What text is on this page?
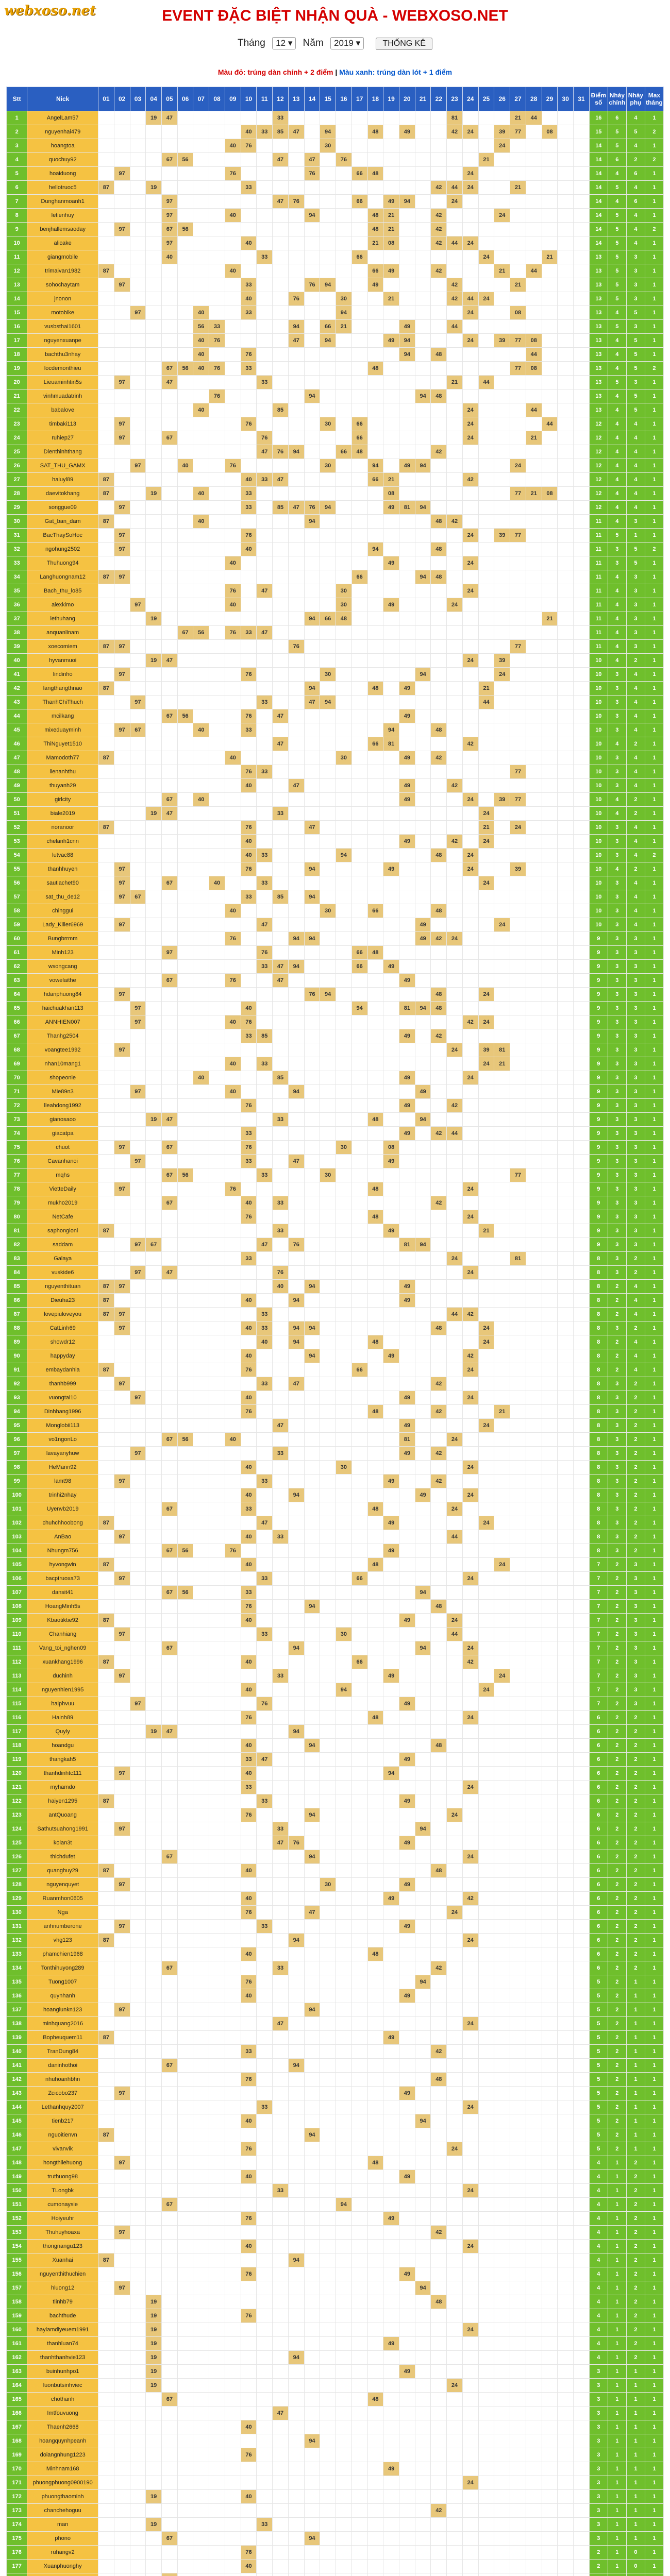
webxoso.net	EVENT ĐẶC BIỆT NHẬN QUÀ - WEBXOSO.NET
Tháng 12 ▾ Năm 2019 ▾	THỐNG KÊ
Màu đỏ: trúng dàn chính + 2 điểm | Màu xanh: trúng dàn lót + 1 điểm
Stt	Nick	01	02	03	04	05	06	07	08	09	10	11	12	13	14	15	16	17	18	19	20	21	22	23	24	25	26	27	28	29	30	31	Điểm số	Nháy chính	Nháy phụ	Max tháng
1	AngelLam57				19	47							33											81				21	44				16	6	4	1
2	nguyenhai479										40	33	85	47		94			48		49			42	24		39	77		08			15	5	5	2
3	hoangtoa									40	76					30											24						14	5	4	1
4	quochuy92					67	56						47		47		76									21							14	6	2	2
5	hoaiduong		97							76					76			66	48						24								14	4	6	1
6	hellotruoc5	87			19						33												42	44	24			21					14	5	4	1
7	Dunghanmoanh1					97							47	76				66		49	94			24									14	4	6	1
8	letienhuy					97				40					94				48	21			42				24						14	5	4	1
9	benjhallemsaoday		97			67	56												48	21			42										14	5	4	2
10	alicake					97					40								21	08			42	44	24								14	5	4	1
11	giangmobile					40						33						66								24				21			13	5	3	1
12	trimaivan1982	87								40									66	49			42				21		44				13	5	3	1
13	sohochaytam		97								33				76	94			49					42				21					13	5	3	1
14	jnonon										40			76			30			21				42	44	24							13	5	3	1
15	motobike			97				40			33						94								24			08					13	4	5	1
16	vusbsthai1601							56	33					94		66	21				49			44									13	5	3	1
17	nguyenxuanpe							40	76					47		94				49	94				24		39	77	08				13	4	5	1
18	bachthu3nhay							40			76										94		48						44				13	4	5	1
19	locdemonthieu					67	56	40	76		33								48									77	08				13	4	5	2
20	Lieuaminhtin5s		97			47						33												21		44							13	5	3	1
21	vinhmuadatrinh								76						94							94	48										13	4	5	1
22	babalove							40					85												24				44				13	4	5	1
23	timbaki113		97								76					30		66							24					44			12	4	4	1
24	ruhiep27		97			67						76						66							24				21				12	4	4	1
25	Dienthinhthang											47	76	94			66	48					42										12	4	4	1
26	SAT_THU_GAMX			97			40			76						30			94		49	94						24					12	4	4	1
27	haluyl89	87									40	33	47						66	21					42								12	4	4	1
28	daevitokhang	87			19			40			33									08								77	21	08			12	4	4	1
29	songgue09		97								33		85	47	76	94				49	81	94											12	4	4	1
30	Gat_ban_dam	87						40							94								48	42									11	4	3	1
31	BacThaySoHoc		97								76														24		39	77					11	5	1	1
32	ngohung2502		97								40								94				48										11	3	5	2
33	Thuhuong94									40										49					24								11	3	5	1
34	Langhuongnam12	87	97															66				94	48										11	4	3	1
35	Bach_thu_lo85									76		47					30								24								11	4	3	1
36	alexkimo			97						40							30			49				24									11	4	3	1
37	lethuhang				19										94	66	48													21			11	4	3	1
38	anquanlinam						67	56		76	33	47																					11	4	3	1
39	xoecomiem	87	97											76														77					11	4	3	1
40	hyvanmuoi				19	47																			24		39						10	4	2	1
41	lindinho		97								76					30						94					24						10	3	4	1
42	langthangthnao	87													94				48		49					21							10	3	4	1
43	ThanhChiThuch			97								33			47	94										44							10	3	4	1
44	mcilkang					67	56				76		47								49												10	3	4	1
45	mixeduayminh		97	67				40			33									94			48										10	3	4	1
46	ThiNguyet1510												47						66	81					42								10	4	2	1
47	Mamodoth77	87								40							30				49		42										10	3	4	1
48	lienanhthu										76	33																77					10	3	4	1
49	thuyanh29										40			47							49			42									10	3	4	1
50	girlcity					67		40													49				24		39	77					10	4	2	1
51	biale2019				19	47							33													24							10	4	2	1
52	noranoor	87									76				47											21		24					10	3	4	1
53	chelanh1cnn										40										49			42		24							10	3	4	1
54	lutvac88										40	33					94						48		24								10	3	4	2
55	thanhhuyen		97								76				94					49					24			39					10	4	2	1
56	sautiachet90		97			67			40			33														24							10	3	4	1
57	sat_thu_de12		97	67							33		85		94																		10	3	4	1
58	chinggui									40						30			66				48										10	3	4	1
59	Lady_Killer6969		97									47										49					24						10	3	4	1
60	Bungbrrmm									76				94	94							49	42	24									9	3	3	1
61	Minh123					97						76						66	48														9	3	3	1
62	wsongcang											33	47	94				66		49													9	3	3	1
63	vowelaithe					67				76			47								49												9	3	3	1
64	hdanphuong84		97												76	94							48			24							9	3	3	1
65	haichuakhan113			97							40							94			81	94	48										9	3	3	1
66	ANNHIEN007			97						40	76														42	24							9	3	3	1
67	Thanhg2504										33	85									49		42										9	3	3	1
68	voangtee1992		97																					24		39	81						9	3	3	1
69	nhan10mang1									40		33														24	21						9	3	3	1
70	shopeonie							40					85								49				24								9	3	3	1
71	Mie89n3			97						40				94								49											9	3	3	1
72	lleahdong1992										76										49			42									9	3	3	1
73	gianosaoo				19	47							33						48			94											9	3	3	1
74	giacatpa										33										49		42	44									9	3	3	1
75	chuot		97			67					76						30			08													9	3	3	1
76	Cavanhanoi			97							33			47						49													9	3	3	1
77	mqhs					67	56					33				30												77					9	3	3	1
78	VietteDaily		97							76									48						24								9	3	3	1
79	mukho2019					67					40		33										42										9	3	3	1
80	NetCafe										76								48						24								9	3	3	1
81	saphonglonl	87											33							49						21							9	3	3	1
82	saddam			97	67							47		76							81	94											9	3	3	1
83	Galaya										33													24				81					8	3	2	1
84	vuskide6			97		47							76												24								8	3	2	1
85	nguyenthituan	87	97										40		94						49												8	2	4	1
86	Dieuha23	87									40			94							49												8	2	4	1
87	lovepiuloveyou	87	97									33												44	42								8	2	4	1
88	CatLinh69		97								40	33		94	94								48			24							8	3	2	1
89	showdr12											40		94					48							24							8	2	4	1
90	happyday										40				94					49					42								8	2	4	1
91	embaydanhia	87									76							66							24								8	2	4	1
92	thanhb999		97									33		47									42										8	3	2	1
93	vuongtai10			97							40										49				24								8	3	2	1
94	Dinhhang1996										76								48				42				21						8	3	2	1
95	Monglobii113												47								49					24							8	3	2	1
96	vo1ngonLo					67	56			40											81			24									8	3	2	1
97	lavayanyhuw			97									33								49		42										8	3	2	1
98	HeMann92										40						30								24								8	3	2	1
99	lamt98		97									33								49			42										8	3	2	1
100	trinhi2nhay										40			94								49			24								8	3	2	1
101	Uyenvb2019					67					33								48					24									8	3	2	1
102	chuhchhoobong	87										47								49						24							8	3	2	1
103	AnBao		97								40		33											44									8	3	2	1
104	Nhungm756					67	56			76										49													8	3	2	1
105	hyvongwin	87									40								48								24						7	2	3	1
106	bacptruoxa73		97									33						66							24								7	2	3	1
107	dansit41					67	56				33											94											7	2	3	1
108	HoangMinh5s										76				94								48										7	2	3	1
109	Kbaotiktie92	87									40										49			24									7	2	3	1
110	Chanhiang		97									33					30							44									7	2	3	1
111	Vang_toi_nghen09					67								94								94			24								7	2	3	1
112	xuankhang1996	87									40							66							42								7	2	3	1
113	duchinh		97										33							49							24						7	2	3	1
114	nguyenhien1995										40						94									24							7	2	3	1
115	haiphvuu			97								76									49												7	2	3	1
116	Hainh89										76								48						24								6	2	2	1
117	Quyly				19	47								94																			6	2	2	1
118	hoandgu										40				94								48										6	2	2	1
119	thangkah5										33	47									49												6	2	2	1
120	thanhdinhtc111		97								40									94													6	2	2	1
121	myhamdo										33														24								6	2	2	1
122	haiyen1295	87										33									49												6	2	2	1
123	antQuoang										76				94									24									6	2	2	1
124	Sathutsuahong1991		97										33									94											6	2	2	1
125	kolan3t												47	76							49												6	2	2	1
126	thichdufet					67									94										24								6	2	2	1
127	quanghuy29	87									40												48										6	2	2	1
128	nguyenquyet		97													30					49												6	2	2	1
129	Ruanmhon0605										40									49					42								6	2	2	1
130	Nga										76				47									24									6	2	2	1
131	anhnumberone		97									33									49												6	2	2	1
132	vhg123	87												94											24								6	2	2	1
133	phamchien1968										40								48														6	2	2	1
134	Tonthihuyong289					67							33										42										6	2	2	1
135	Tuong1007										76											94											5	2	1	1
136	quynhanh										40										49												5	2	1	1
137	hoanglunkn123		97												94																		5	2	1	1
138	minhquang2016												47												24								5	2	1	1
139	Bopheuquem11	87																		49													5	2	1	1
140	TranDung84										33												42										5	2	1	1
141	daninhothoi					67								94																			5	2	1	1
142	nhuhoanhbhn										76												48										5	2	1	1
143	Zcicobo237		97																		49												5	2	1	1
144	Lethanhquy2007											33													24								5	2	1	1
145	tienb217										40											94											5	2	1	1
146	nguoitienvn	87													94																		5	2	1	1
147	vivanvik										76													24									5	2	1	1
148	hongthilehuong		97																48														4	1	2	1
149	truthuong98										40										49												4	1	2	1
150	TLongbk												33												24								4	1	2	1
151	cumonaysie					67											94																4	1	2	1
152	Hoiyeuhr										76									49													4	1	2	1
153	Thuhuyhoaxa		97																				42										4	1	2	1
154	thongnangu123										40														24								4	1	2	1
155	Xuanhai	87												94																			4	1	2	1
156	nguyenthithuchien										76										49												4	1	2	1
157	hluong12		97																			94											4	1	2	1
158	tlinhb79				19																		48										4	1	2	1
159	bachthude				19						76																						4	1	2	1
160	haylamdiyeuem1991				19																				24								4	1	2	1
161	thanhluan74				19															49													4	1	2	1
162	thanhthanhvie123				19									94																			4	1	2	1
163	buinhunhpo1				19																49												3	1	1	1
164	luonbutsinhviec				19																			24									3	1	1	1
165	chothanh					67													48														3	1	1	1
166	Imtfouvuong												47																				3	1	1	1
167	Thaenh2668										40																						3	1	1	1
168	hoangquynhpeanh														94																		3	1	1	1
169	doiangnhung1223										76																						3	1	1	1
170	Minhnam168																			49													3	1	1	1
171	phuongphuong0900190																								24								3	1	1	1
172	phuongthaominh				19						40																						3	1	1	1
173	chanchehoguu																						42										3	1	1	1
174	man				19							33																					3	1	1	1
175	phono					67									94																		3	1	1	1
176	ruhangv2										76																						2	1	0	1
177	Xuanphuonghy										40																						2	1	0	1
